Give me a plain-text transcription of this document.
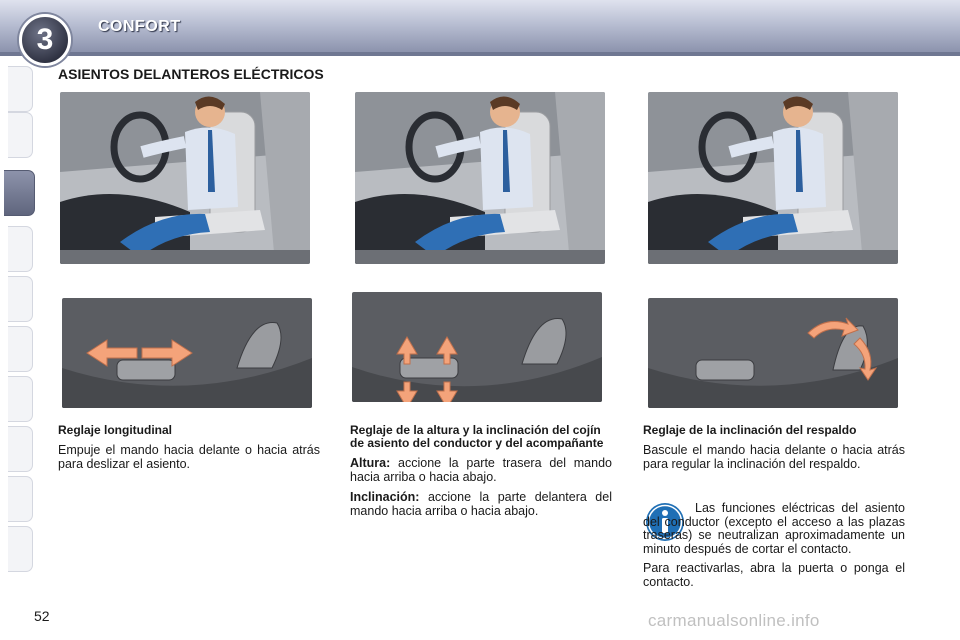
3	CONFORT
ASIENTOS DELANTEROS ELÉCTRICOS
Reglaje longitudinal

Empuje el mando hacia delante o hacia atrás para deslizar el asiento.

Reglaje de la altura y la inclinación del cojín de asiento del conductor y del acompañante

Altura: accione la parte trasera del mando hacia arriba o hacia abajo.

Inclinación: accione la parte delantera del mando hacia arriba o hacia abajo.

Reglaje de la inclinación del respaldo

Bascule el mando hacia delante o hacia atrás para regular la inclinación del respaldo.

Las funciones eléctricas del asiento del conductor (excepto el acceso a las plazas traseras) se neutralizan aproximadamente un minuto después de cortar el contacto.

Para reactivarlas, abra la puerta o ponga el contacto.

52	carmanualsonline.info
